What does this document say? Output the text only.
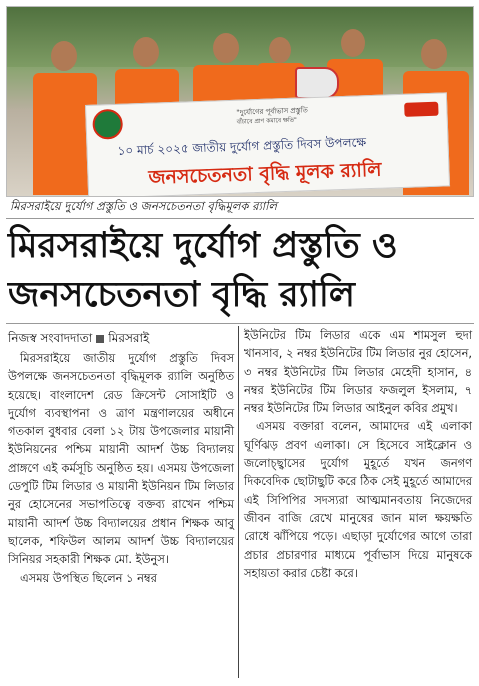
"দুর্যোগের পূর্বাভাস প্রস্তুতি
বাঁচাবে প্রাণ কমাবে ক্ষতি"
১০ মার্চ ২০২৫ জাতীয় দুর্যোগ প্রস্তুতি দিবস উপলক্ষে
জনসচেতনতা বৃদ্ধি মূলক র‍্যালি
মিরসরাইয়ে দুর্যোগ প্রস্তুতি ও জনসচেতনতা বৃদ্ধিমূলক র‍্যালি
মিরসরাইয়ে দুর্যোগ প্রস্তুতি ও
জনসচেতনতা বৃদ্ধি র‍্যালি
নিজস্ব সংবাদদাতা মিরসরাই

মিরসরাইয়ে জাতীয় দুর্যোগ প্রস্তুতি দিবস উপলক্ষে জনসচেতনতা বৃদ্ধিমূলক র‍্যালি অনুষ্ঠিত হয়েছে। বাংলাদেশ রেড ক্রিসেন্ট সোসাইটি ও দুর্যোগ ব্যবস্থাপনা ও ত্রাণ মন্ত্রণালয়ের অধীনে গতকাল বুধবার বেলা ১২ টায় উপজেলার মায়ানী ইউনিয়নের পশ্চিম মায়ানী আদর্শ উচ্চ বিদ্যালয় প্রাঙ্গণে এই কর্মসূচি অনুষ্ঠিত হয়। এসময় উপজেলা ডেপুটি টিম লিডার ও মায়ানী ইউনিয়ন টিম লিডার নুর হোসেনের সভাপতিত্বে বক্তব্য রাখেন পশ্চিম মায়ানী আদর্শ উচ্চ বিদ্যালয়ের প্রধান শিক্ষক আবু ছালেক, শফিউল আলম আদর্শ উচ্চ বিদ্যালয়ের সিনিয়র সহকারী শিক্ষক মো. ইউনুস।

এসময় উপস্থিত ছিলেন ১ নম্বর

ইউনিটের টিম লিডার একে এম শামসুল হুদা খানসাব, ২ নম্বর ইউনিটের টিম লিডার নুর হোসেন, ৩ নম্বর ইউনিটের টিম লিডার মেহেদী হাসান, ৪ নম্বর ইউনিটের টিম লিডার ফজলুল ইসলাম, ৭ নম্বর ইউনিটের টিম লিডার আইনুল কবির প্রমুখ।

এসময় বক্তারা বলেন, আমাদের এই এলাকা ঘূর্ণিঝড় প্রবণ এলাকা। সে হিসেবে সাইক্লোন ও জলোচ্ছ্বাসের দুর্যোগ মুহূর্তে যখন জনগণ দিকবেদিক ছোটাছুটি করে ঠিক সেই মুহূর্তে আমাদের এই সিপিপির সদস্যরা আত্মমানবতায় নিজেদের জীবন বাজি রেখে মানুষের জান মাল ক্ষয়ক্ষতি রোধে ঝাঁপিয়ে পড়ে। এছাড়া দুর্যোগের আগে তারা প্রচার প্রচারণার মাধ্যমে পূর্বাভাস দিয়ে মানুষকে সহায়তা করার চেষ্টা করে।
